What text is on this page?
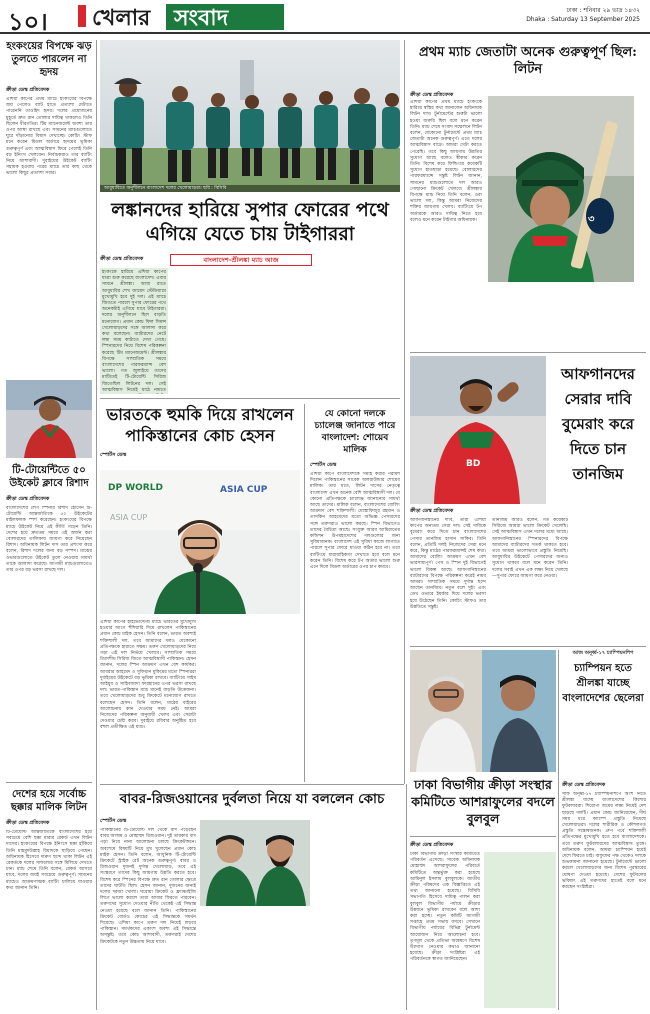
১০। খেলার সংবাদ	ঢাকা : শনিবার ২৯ ভাদ্র ১৪৩২
Dhaka : Saturday 13 September 2025
হংকংয়ের বিপক্ষে ঝড় তুলতে পারলেন না হৃদয়
ক্রীড়া ডেস্ক প্রতিবেদক
এশিয়া কাপের প্রথম ম্যাচে হংকংয়ের বিপক্ষে জয় পেলেও ব্যাট হাতে প্রত্যাশা মেটাতে পারেননি তাওহিদ হৃদয়। দলের প্রয়োজনের মুহূর্তে দ্রুত রান তোলার দায়িত্ব থাকলেও তিনি ছিলেন ধীরগতির। টিম ম্যানেজমেন্ট অবশ্য তার ওপর আস্থা রাখছে এবং সামনের ম্যাচগুলোতে ঘুরে দাঁড়ানোর বিশ্বাস দেখাচ্ছে। কোচিং স্টাফ মনে করেন মিডল অর্ডারে হৃদয়ের ভূমিকা গুরুত্বপূর্ণ এবং আত্মবিশ্বাস ফিরে পেলেই তিনি বড় ইনিংস খেলবেন। নির্বাচকরাও তার ব্যাটিং নিয়ে আশাবাদী। দুবাইয়ের উইকেট ব্যাটিং সহায়ক হওয়ায় পরের ম্যাচে তার কাছ থেকে ভালো কিছুর প্রত্যাশা সবার।
টি-টোয়েন্টিতে ৫০ উইকেট ক্লাবে রিশাদ
ক্রীড়া ডেস্ক প্রতিবেদক
বাংলাদেশের লেগ স্পিনার রিশাদ হোসেন টি-টোয়েন্টি আন্তর্জাতিকে ৫০ উইকেটের মাইলফলক স্পর্শ করেছেন। হংকংয়ের বিপক্ষে ম্যাচে উইকেট নিয়ে এই কীর্তি গড়েন তিনি। দেশের হয়ে দ্রুততম সময়ে এই অর্জন করা বোলারদের তালিকায় জায়গা করে নিয়েছেন রিশাদ। অধিনায়ক লিটন দাস তার প্রশংসা করে বলেন, রিশাদ দলের জন্য বড় সম্পদ। মাঝের ওভারগুলোতে উইকেট তুলে নেওয়ার সামর্থ্য তাকে আলাদা করেছে। আগামী ম্যাচগুলোতেও তার ওপর বড় ভরসা রাখছে দল।
দেশের হয়ে সর্বোচ্চ ছক্কার মালিক লিটন
ক্রীড়া ডেস্ক প্রতিবেদক
টি-টোয়েন্টি আন্তর্জাতিকে বাংলাদেশের হয়ে সবচেয়ে বেশি ছক্কা মারার রেকর্ড এখন লিটন দাসের। হংকংয়ের বিপক্ষে ইনিংসে ছক্কা হাঁকিয়ে তিনি মাহমুদউল্লাহ রিয়াদকে ছাড়িয়ে গেছেন। অধিনায়ক হিসেবে দারুণ ছন্দে থাকা লিটন এই রেকর্ডকে দলের সাফল্যের সঙ্গে মিলিয়ে দেখতে চান। ম্যাচ শেষে তিনি বলেন, রেকর্ড আসবে যাবে, দলের জয়ই সবচেয়ে গুরুত্বপূর্ণ। সামনের ম্যাচেও আক্রমণাত্মক ব্যাটিং চালিয়ে যাওয়ার কথা জানান তিনি।
আবুধাবিতে অনুশীলনে বাংলাদেশ দলের খেলোয়াড়রা। ছবি : বিসিবি
লঙ্কানদের হারিয়ে সুপার ফোরের পথে এগিয়ে যেতে চায় টাইগাররা
ক্রীড়া ডেস্ক প্রতিবেদক	বাংলাদেশ-শ্রীলঙ্কা ম্যাচ আজ
হংকংকে হারিয়ে এশিয়া কাপের যাত্রা শুরু করেছে বাংলাদেশ। এবার সামনে শ্রীলঙ্কা। আজ রাতে আবুধাবির শেখ জায়েদ স্টেডিয়ামে মুখোমুখি হবে দুই দল। এই ম্যাচে জিততে পারলে সুপার ফোরের পথে অনেকটাই এগিয়ে যাবে টাইগাররা। দলের অনুশীলনে ছিল বাড়তি মনোযোগ। প্রধান কোচ ফিল সিমন্স খেলোয়াড়দের সঙ্গে আলাদা করে কথা বলেছেন। ব্যাটারদের নেটে লম্বা সময় কাটাতে দেখা গেছে। স্পিনারদের নিয়ে বিশেষ পরিকল্পনা করেছে টিম ম্যানেজমেন্ট। শ্রীলঙ্কার বিপক্ষে সাম্প্রতিক সময়ে বাংলাদেশের পারফরম্যান্স বেশ ভালো। গত জুলাইয়ে তাদের মাটিতেই টি-টোয়েন্টি সিরিজ জিতেছিল লিটনের দল। সেই আত্মবিশ্বাস নিয়েই মাঠে নামতে
ভারতকে হুমকি দিয়ে রাখলেন পাকিস্তানের কোচ হেসন
স্পোর্টস ডেস্ক
DP WORLD	ASIA CUP
ASIA CUP
এশিয়া কাপের হাইভোল্টেজ ম্যাচে ভারতের মুখোমুখি হওয়ার আগে হুঁশিয়ারি দিয়ে রাখলেন পাকিস্তানের প্রধান কোচ মাইক হেসন। তিনি বলেন, ভারত অবশ্যই শক্তিশালী দল, তবে আমাদের দলও যেকোনো প্রতিপক্ষকে হারাতে সক্ষম। তরুণ খেলোয়াড়দের নিয়ে গড়া এই দল নির্ভয়ে খেলবে। সাম্প্রতিক সময়ে ত্রিদেশীয় সিরিজ জিতে আত্মবিশ্বাসী পাকিস্তান। হেসন জানান, দলের স্পিন আক্রমণ এখন বেশ কার্যকর। আবরার আহমেদ ও সুফিয়ান মুকিমের মতো স্পিনাররা দুবাইয়ের উইকেটে বড় ভূমিকা রাখবে। ব্যাটিংয়ে সাইম আইয়ুব ও সাহিবজাদা ফারহানের ওপর ভরসা রাখছে দল। ভারত-পাকিস্তান ম্যাচ মানেই বাড়তি উত্তেজনা। তবে খেলোয়াড়দের শুধু ক্রিকেটে মনোযোগ রাখতে বলেছেন হেসন। তিনি বলেন, মাঠের বাইরের আলোচনায় কান দেওয়ার সময় নেই। আমরা নিজেদের পরিকল্পনা অনুযায়ী খেলব এবং সেরাটা দেওয়ার চেষ্টা করব। দুবাইয়ে রবিবার অনুষ্ঠিত হবে বহুল প্রতীক্ষিত এই ম্যাচ।
যে কোনো দলকে চ্যালেঞ্জ জানাতে পারে বাংলাদেশ: শোয়েব মালিক
স্পোর্টস ডেস্ক
এশিয়া কাপে বাংলাদেশকে সমীহ করার পরামর্শ দিলেন পাকিস্তানের সাবেক অলরাউন্ডার শোয়েব মালিক। তার মতে, লিটন দাসের নেতৃত্বে বাংলাদেশ এখন অনেক বেশি আত্মবিশ্বাসী দল। যে কোনো প্রতিপক্ষকে চ্যালেঞ্জ জানানোর সামর্থ্য আছে তাদের। মালিক বলেন, বাংলাদেশের বোলিং আক্রমণ বেশ শক্তিশালী। মোস্তাফিজুর রহমান ও তাসকিন আহমেদের মতো অভিজ্ঞ পেসারদের সঙ্গে তরুণরাও ভালো করছে। স্পিন বিভাগেও তাদের বৈচিত্র্য আছে। সংযুক্ত আরব আমিরাতের কন্ডিশন উপমহাদেশের দলগুলোর জন্য সুবিধাজনক। বাংলাদেশ এই সুবিধা কাজে লাগাতে পারলে সুপার ফোরে যাওয়া কঠিন হবে না। তবে ব্যাটিংয়ে ধারাবাহিকতা দেখাতে হবে বলে মনে করেন তিনি। বিশেষ করে টপ অর্ডার ভালো শুরু এনে দিলে মিডল অর্ডারের ওপর চাপ কমবে।
প্রথম ম্যাচ জেতাটা অনেক গুরুত্বপূর্ণ ছিল: লিটন
ক্রীড়া ডেস্ক প্রতিবেদক
এশিয়া কাপের প্রথম ম্যাচে হংকংকে হারিয়ে স্বস্তির কথা জানালেন অধিনায়ক লিটন দাস। টুর্নামেন্টের শুরুটা ভালো হওয়া জরুরি ছিল বলে মনে করেন তিনি। ম্যাচ শেষে সংবাদ সম্মেলনে লিটন বলেন, যেকোনো টুর্নামেন্টে প্রথম ম্যাচ জেতাটা অনেক গুরুত্বপূর্ণ। এতে দলের আত্মবিশ্বাস বাড়ে। আমরা সেটা করতে পেরেছি। তবে কিছু জায়গায় উন্নতির সুযোগ আছে বলেও স্বীকার করেন তিনি। বিশেষ করে ফিল্ডিংয়ে কয়েকটি সুযোগ হাতছাড়া হয়েছে। বোলারদের পারফরম্যান্সে সন্তুষ্ট লিটন জানান, সামনের ম্যাচগুলোতে দল আরও গোছানো ক্রিকেট খেলবে। শ্রীলঙ্কার বিপক্ষে ম্যাচ নিয়ে তিনি বলেন, ওরা ভালো দল, কিন্তু আমরা নিজেদের শক্তির জায়গায় খেলব। ব্যাটিংয়ে টপ অর্ডারকে আরও দায়িত্ব নিতে হবে বলেও মনে করেন টাইগার অধিনায়ক।	৩
BD
আফগানদের সেরার দাবি বুমেরাং করে দিতে চান তানজিম
ক্রীড়া ডেস্ক প্রতিবেদক
আফগানিস্তানের দাবি, তারা এশিয়া কাপের অন্যতম সেরা দল। সেই দাবিকে বুমেরাং করে দিতে চান বাংলাদেশের পেসার তানজিম হাসান সাকিব। তিনি বলেন, প্রতিটি দলই নিজেদের সেরা মনে করে, কিন্তু মাঠের পারফরম্যান্সই শেষ কথা। আমাদের বোলিং আক্রমণ এখন বেশ ভারসাম্যপূর্ণ। পেস ও স্পিন দুই বিভাগেই ভালো বিকল্প আছে। আফগানিস্তানের ব্যাটারদের বিপক্ষে পরিকল্পনা করেই নামব আমরা। সাম্প্রতিক সময়ে দুর্দান্ত ছন্দে আছেন তানজিম। নতুন বলে সুইং এবং ডেথ ওভারে ইয়র্কার দিয়ে দলের ভরসা হয়ে উঠেছেন তিনি। কোচিং স্টাফও তার উন্নতিতে সন্তুষ্ট।
তানজিম আরও বলেন, গত কয়েকটি সিরিজে আমরা ভালো ক্রিকেট খেলেছি। সেই আত্মবিশ্বাস এখন দলের মধ্যে আছে। আফগানিস্তানের স্পিনারদের বিপক্ষে আমাদের ব্যাটারদের সতর্ক থাকতে হবে। তবে আমরা ভালোভাবে প্রস্তুতি নিয়েছি। আবুধাবির উইকেটে পেসারদের জন্যও সুযোগ থাকবে বলে মনে করেন তিনি। দলের সবাই এখন এক লক্ষ্য নিয়ে খেলছে—সুপার ফোরে জায়গা করে নেওয়া।
আজ অনূর্ধ্ব-১৭ চ্যাম্পিয়নশিপ
চ্যাম্পিয়ন হতে শ্রীলঙ্কা যাচ্ছে বাংলাদেশের ছেলেরা
ঢাকা বিভাগীয় ক্রীড়া সংস্থার কমিটিতে আশরাফুলের বদলে বুলবুল
ক্রীড়া ডেস্ক প্রতিবেদক
ঢাকা বিভাগীয় ক্রীড়া সংস্থার কমিটিতে পরিবর্তন এসেছে। সাবেক অধিনায়ক মোহাম্মদ আশরাফুলের পরিবর্তে কমিটিতে অন্তর্ভুক্ত করা হয়েছে আমিনুল ইসলাম বুলবুলকে। জাতীয় ক্রীড়া পরিষদের এক বিজ্ঞপ্তিতে এই তথ্য জানানো হয়েছে। বিসিবি সভাপতি হিসেবে দায়িত্ব পালন করা বুলবুল বিভাগীয় পর্যায়ে ক্রীড়ার উন্নয়নে ভূমিকা রাখবেন বলে আশা করা হচ্ছে। নতুন কমিটি আগামী সপ্তাহে প্রথম সভায় বসবে। সেখানে বিভাগীয় পর্যায়ের বিভিন্ন টুর্নামেন্ট আয়োজন নিয়ে আলোচনা হবে। তৃণমূল থেকে প্রতিভা অন্বেষণে বিশেষ উদ্যোগ নেওয়ার কথাও জানানো হয়েছে। ক্রীড়া সংশ্লিষ্টরা এই পরিবর্তনকে স্বাগত জানিয়েছেন।
ক্রীড়া ডেস্ক প্রতিবেদক
সাফ অনূর্ধ্ব-১৭ চ্যাম্পিয়নশিপে অংশ নিতে শ্রীলঙ্কা যাচ্ছে বাংলাদেশের কিশোর ফুটবলাররা। শিরোপা জয়ের লক্ষ্য নিয়েই দেশ ছাড়ছে দলটি। প্রধান কোচ জানিয়েছেন, দীর্ঘ সময় ধরে ক্যাম্পে প্রস্তুতি নিয়েছে খেলোয়াড়রা। দলের শারীরিক ও কৌশলগত প্রস্তুতি সন্তোষজনক। গ্রুপ পর্বে শক্তিশালী প্রতিপক্ষের মুখোমুখি হতে হবে বাংলাদেশকে। তবে তরুণ ফুটবলারদের আত্মবিশ্বাস তুঙ্গে। অধিনায়ক বলেন, আমরা চ্যাম্পিয়ন হয়েই দেশে ফিরতে চাই। বাফুফের পক্ষ থেকেও দলকে শুভকামনা জানানো হয়েছে। টুর্নামেন্টে ভালো করলে খেলোয়াড়দের জন্য বিশেষ পুরস্কারের ঘোষণা দেওয়া হয়েছে। দেশের ফুটবলের ভবিষ্যৎ এই তরুণদের হাতেই বলে মনে করছেন সংশ্লিষ্টরা।
বাবর-রিজওয়ানের দুর্বলতা নিয়ে যা বললেন কোচ
স্পোর্টস ডেস্ক
পাকিস্তানের টি-টোয়েন্টি দল থেকে বাদ পড়েছেন বাবর আজম ও মোহাম্মদ রিজওয়ান। দুই তারকার বাদ পড়া নিয়ে নানা আলোচনা চলছে ক্রিকেটাঙ্গনে। অবশেষে বিষয়টি নিয়ে মুখ খুলেছেন প্রধান কোচ মাইক হেসন। তিনি বলেন, আধুনিক টি-টোয়েন্টি ক্রিকেটে স্ট্রাইক রেট অনেক গুরুত্বপূর্ণ। বাবর ও রিজওয়ান দুজনই দুর্দান্ত খেলোয়াড়, তবে এই সংস্করণে তাদের কিছু জায়গায় উন্নতি করতে হবে। বিশেষ করে স্পিনের বিপক্ষে দ্রুত রান তোলার ক্ষেত্রে তাদের ঘাটতি ছিল। হেসন জানান, দুজনের জন্যই দলের দরজা খোলা। ঘরোয়া ক্রিকেট ও ফ্র্যাঞ্চাইজি লিগে ভালো করলে তারা আবার ফিরতে পারবেন। তরুণদের সুযোগ দেওয়ার নীতি থেকেই এই সিদ্ধান্ত নেওয়া হয়েছে বলে জানান তিনি। পাকিস্তানের ক্রিকেট বোর্ডও কোচের এই সিদ্ধান্তকে সমর্থন দিয়েছে। এশিয়া কাপে তরুণ দল নিয়েই লড়বে পাকিস্তান। সমর্থকদের একাংশ অবশ্য এই সিদ্ধান্তে অসন্তুষ্ট। তবে কোচ আশাবাদী, তরুণরাই দেশের ক্রিকেটকে নতুন উচ্চতায় নিয়ে যাবে।
